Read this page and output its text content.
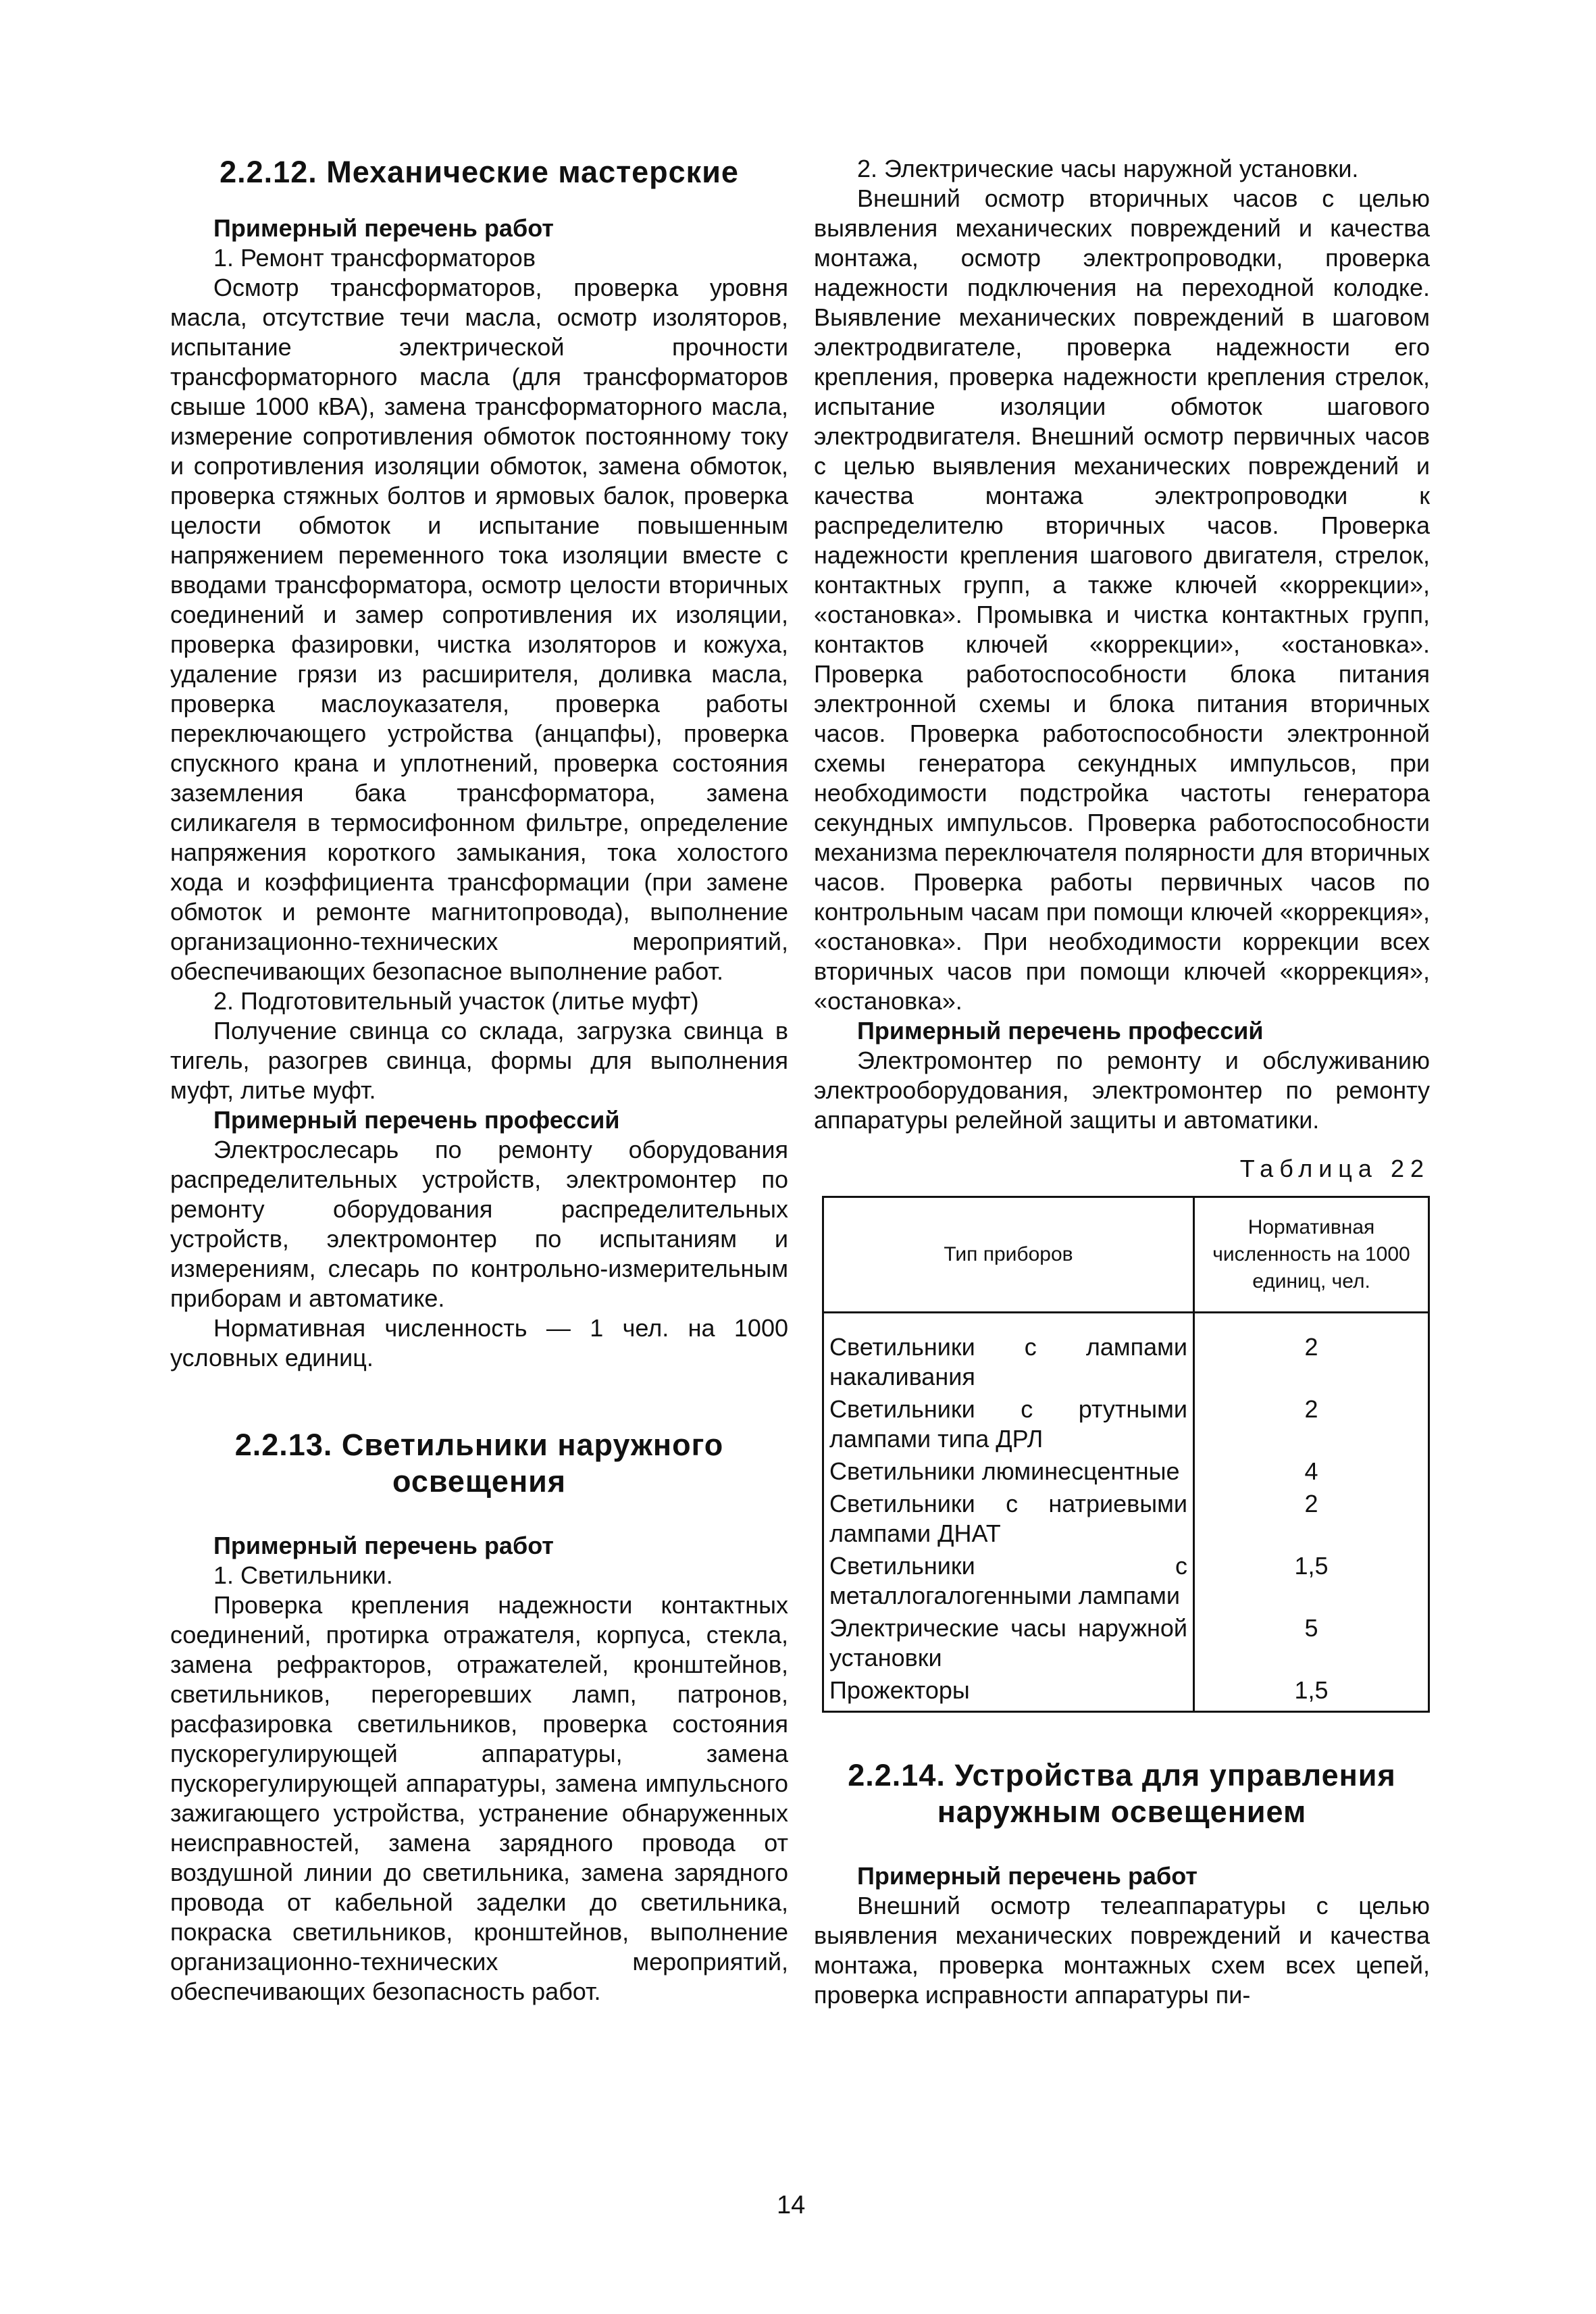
2.2.12. Механические мастерские
Примерный перечень работ

1. Ремонт трансформаторов

Осмотр трансформаторов, проверка уровня масла, отсутствие течи масла, осмотр изоляторов, испытание электрической прочности трансформаторного масла (для трансформаторов свыше 1000 кВА), замена трансформаторного масла, измерение сопротивления обмоток постоянному току и сопротивления изоляции обмоток, замена обмоток, проверка стяжных болтов и ярмовых балок, проверка целости обмоток и испытание повышенным напряжением переменного тока изоляции вместе с вводами трансформатора, осмотр целости вторичных соединений и замер сопротивления их изоляции, проверка фазировки, чистка изоляторов и кожуха, удаление грязи из расширителя, доливка масла, проверка маслоуказателя, проверка работы переключающего устройства (анцапфы), проверка спускного крана и уплотнений, проверка состояния заземления бака трансформатора, замена силикагеля в термосифонном фильтре, определение напряжения короткого замыкания, тока холостого хода и коэффициента трансформации (при замене обмоток и ремонте магнитопровода), выполнение организационно-технических мероприятий, обеспечивающих безопасное выполнение работ.

2. Подготовительный участок (литье муфт)

Получение свинца со склада, загрузка свинца в тигель, разогрев свинца, формы для выполнения муфт, литье муфт.

Примерный перечень профессий

Электрослесарь по ремонту оборудования распределительных устройств, электромонтер по ремонту оборудования распределительных устройств, электромонтер по испытаниям и измерениям, слесарь по контрольно-измерительным приборам и автоматике.

Нормативная численность — 1 чел. на 1000 условных единиц.

2.2.13. Светильники наружного
освещения
Примерный перечень работ

1. Светильники.

Проверка крепления надежности контактных соединений, протирка отражателя, корпуса, стекла, замена рефракторов, отражателей, кронштейнов, светильников, перегоревших ламп, патронов, расфазировка светильников, проверка состояния пускорегулирующей аппаратуры, замена пускорегулирующей аппаратуры, замена импульсного зажигающего устройства, устранение обнаруженных неисправностей, замена зарядного провода от воздушной линии до светильника, замена зарядного провода от кабельной заделки до светильника, покраска светильников, кронштейнов, выполнение организационно-технических мероприятий, обеспечивающих безопасность работ.

2. Электрические часы наружной установки.

Внешний осмотр вторичных часов с целью выявления механических повреждений и качества монтажа, осмотр электропроводки, проверка надежности подключения на переходной колодке. Выявление механических повреждений в шаговом электродвигателе, проверка надежности его крепления, проверка надежности крепления стрелок, испытание изоляции обмоток шагового электродвигателя. Внешний осмотр первичных часов с целью выявления механических повреждений и качества монтажа электропроводки к распределителю вторичных часов. Проверка надежности крепления шагового двигателя, стрелок, контактных групп, а также ключей «коррекции», «остановка». Промывка и чистка контактных групп, контактов ключей «коррекции», «остановка». Проверка работоспособности блока питания электронной схемы и блока питания вторичных часов. Проверка работоспособности электронной схемы генератора секундных импульсов, при необходимости подстройка частоты генератора секундных импульсов. Проверка работоспособности механизма переключателя полярности для вторичных часов. Проверка работы первичных часов по контрольным часам при помощи ключей «коррекция», «остановка». При необходимости коррекции всех вторичных часов при помощи ключей «коррекция», «остановка».

Примерный перечень профессий

Электромонтер по ремонту и обслуживанию электрооборудования, электромонтер по ремонту аппаратуры релейной защиты и автоматики.

Таблица 22
Тип приборов	Нормативная численность на 1000 единиц, чел.
Светильники с лампами накаливания	2
Светильники с ртутными лампами типа ДРЛ	2
Светильники люминесцентные	4
Светильники с натриевыми лампами ДНАТ	2
Светильники с металлогалогенными лампами	1,5
Электрические часы наружной установки	5
Прожекторы	1,5
2.2.14. Устройства для управления
наружным освещением
Примерный перечень работ

Внешний осмотр телеаппаратуры с целью выявления механических повреждений и качества монтажа, проверка монтажных схем всех цепей, проверка исправности аппаратуры пи-

14
